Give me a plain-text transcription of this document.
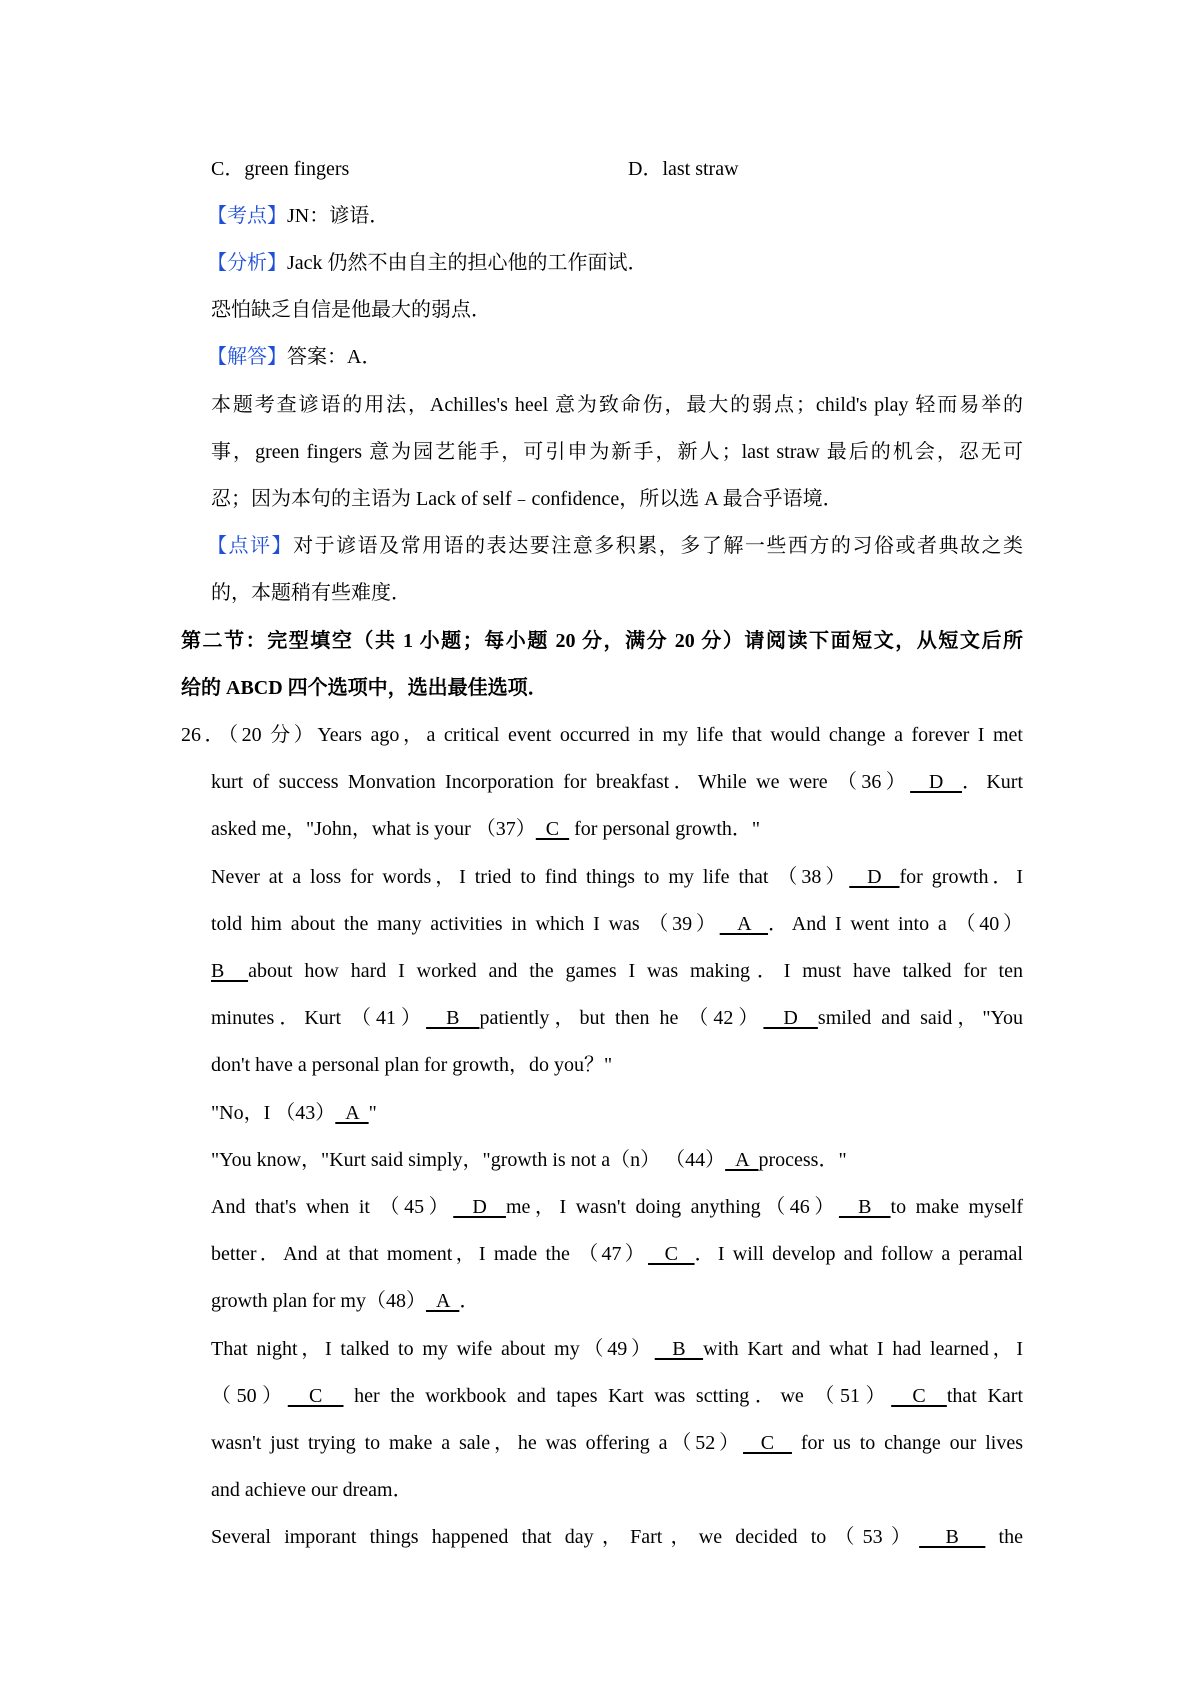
C．green fingers	D．last straw
【考点】JN：谚语．
【分析】Jack 仍然不由自主的担心他的工作面试．
恐怕缺乏自信是他最大的弱点．
【解答】答案：A．
本题考查谚语的用法，Achilles's heel 意为致命伤，最大的弱点；child's play 轻而易举的
事，green fingers 意为园艺能手，可引申为新手，新人；last straw 最后的机会，忍无可
忍；因为本句的主语为 Lack of self﹣confidence，所以选 A 最合乎语境．
【点评】对于谚语及常用语的表达要注意多积累，多了解一些西方的习俗或者典故之类
的，本题稍有些难度．
第二节：完型填空（共 1 小题；每小题 20 分，满分 20 分）请阅读下面短文，从短文后所
给的 ABCD 四个选项中，选出最佳选项．
26．（20 分）Years ago，a critical event occurred in my life that would change a forever I met
kurt of success Monvation Incorporation for breakfast．While we were （36）  D  ．Kurt
asked me，"John，what is your （37）  C   for personal growth．"
Never at a loss for words，I tried to find things to my life that （38）  D  for growth．I
told him about the many activities in which I was （39）  A  ．And I went into a （40）
B  about how hard I worked and the games I was making．I must have talked for ten
minutes．Kurt （41）  B  patiently，but then he （42）  D  smiled and said，"You
don't have a personal plan for growth，do you？"
"No，I （43）  A  "
"You know，"Kurt said simply，"growth is not a（n） （44）  A  process．"
And that's when it （45）  D  me，I wasn't doing anything（46）  B  to make myself
better．And at that moment，I made the （47）  C  ．I will develop and follow a peramal
growth plan for my（48）  A  ．
That night，I talked to my wife about my（49）  B  with Kart and what I had learned，I
（50）  C   her the workbook and tapes Kart was sctting．we （51）  C  that Kart
wasn't just trying to make a sale，he was offering a（52）  C   for us to change our lives
and achieve our dream．
Several imporant things happened that day，Fart，we decided to（53）  B   the
